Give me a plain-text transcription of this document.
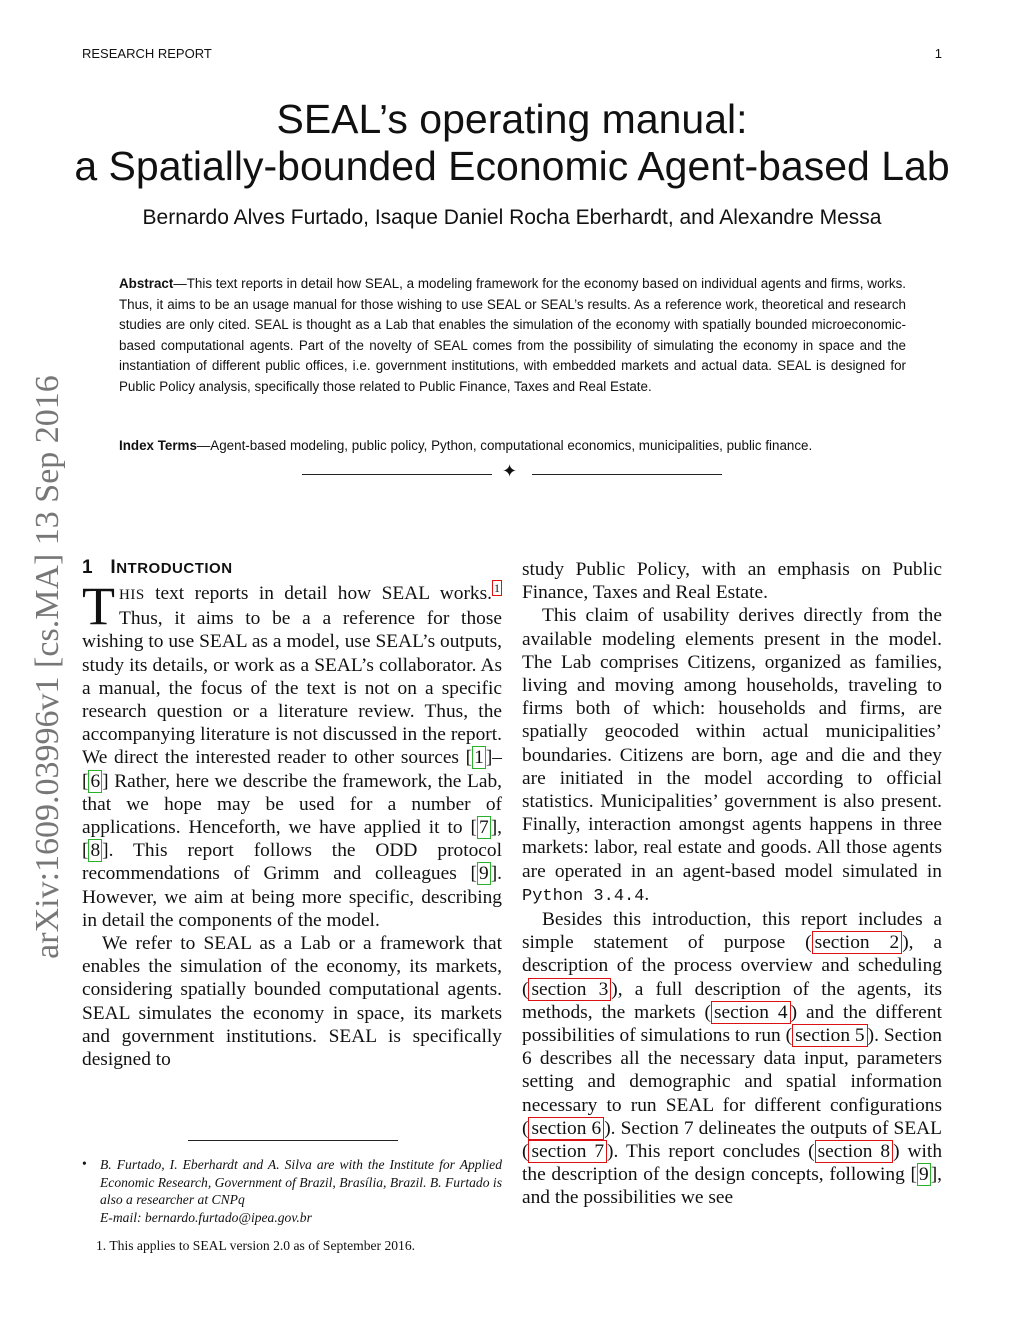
RESEARCH REPORT	1
arXiv:1609.03996v1 [cs.MA] 13 Sep 2016
SEAL’s operating manual:
a Spatially-bounded Economic Agent-based Lab
Bernardo Alves Furtado, Isaque Daniel Rocha Eberhardt, and Alexandre Messa
Abstract—This text reports in detail how SEAL, a modeling framework for the economy based on individual agents and firms, works. Thus, it aims to be an usage manual for those wishing to use SEAL or SEAL’s results. As a reference work, theoretical and research studies are only cited. SEAL is thought as a Lab that enables the simulation of the economy with spatially bounded microeconomic-based computational agents. Part of the novelty of SEAL comes from the possibility of simulating the economy in space and the instantiation of different public offices, i.e. government institutions, with embedded markets and actual data. SEAL is designed for Public Policy analysis, specifically those related to Public Finance, Taxes and Real Estate.
Index Terms—Agent-based modeling, public policy, Python, computational economics, municipalities, public finance.
✦
1 INTRODUCTION

THIS text reports in detail how SEAL works. $^1$ Thus, it aims to be a a reference for those wishing to use SEAL as a model, use SEAL’s outputs, study its details, or work as a SEAL’s collaborator. As a manual, the focus of the text is not on a specific research question or a literature review. Thus, the accompanying literature is not discussed in the report. We direct the interested reader to other sources [ 1 ]–[ 6 ] Rather, here we describe the framework, the Lab, that we hope may be used for a number of applications. Henceforth, we have applied it to [ 7 ], [ 8 ]. This report follows the ODD protocol recommendations of Grimm and colleagues [ 9 ]. However, we aim at being more specific, describing in detail the components of the model.

We refer to SEAL as a Lab or a framework that enables the simulation of the economy, its markets, considering spatially bounded computational agents. SEAL simulates the economy in space, its markets and government institutions. SEAL is specifically designed to

study Public Policy, with an emphasis on Public Finance, Taxes and Real Estate.

This claim of usability derives directly from the available modeling elements present in the model. The Lab comprises Citizens, organized as families, living and moving among households, traveling to firms both of which: households and firms, are spatially geocoded within actual municipalities’ boundaries. Citizens are born, age and die and they are initiated in the model according to official statistics. Municipalities’ government is also present. Finally, interaction amongst agents happens in three markets: labor, real estate and goods. All those agents are operated in an agent-based model simulated in Python 3.4.4.

Besides this introduction, this report includes a simple statement of purpose ( section 2 ), a description of the process overview and scheduling ( section 3 ), a full description of the agents, its methods, the markets ( section 4 ) and the different possibilities of simulations to run ( section 5 ). Section 6 describes all the necessary data input, parameters setting and demographic and spatial information necessary to run SEAL for different configurations ( section 6 ). Section 7 delineates the outputs of SEAL ( section 7 ). This report concludes ( section 8 ) with the description of the design concepts, following [ 9 ], and the possibilities we see

• B. Furtado, I. Eberhardt and A. Silva are with the Institute for Applied Economic Research, Government of Brazil, Brasília, Brazil. B. Furtado is also a researcher at CNPq
E-mail: bernardo.furtado@ipea.gov.br
1. This applies to SEAL version 2.0 as of September 2016.
